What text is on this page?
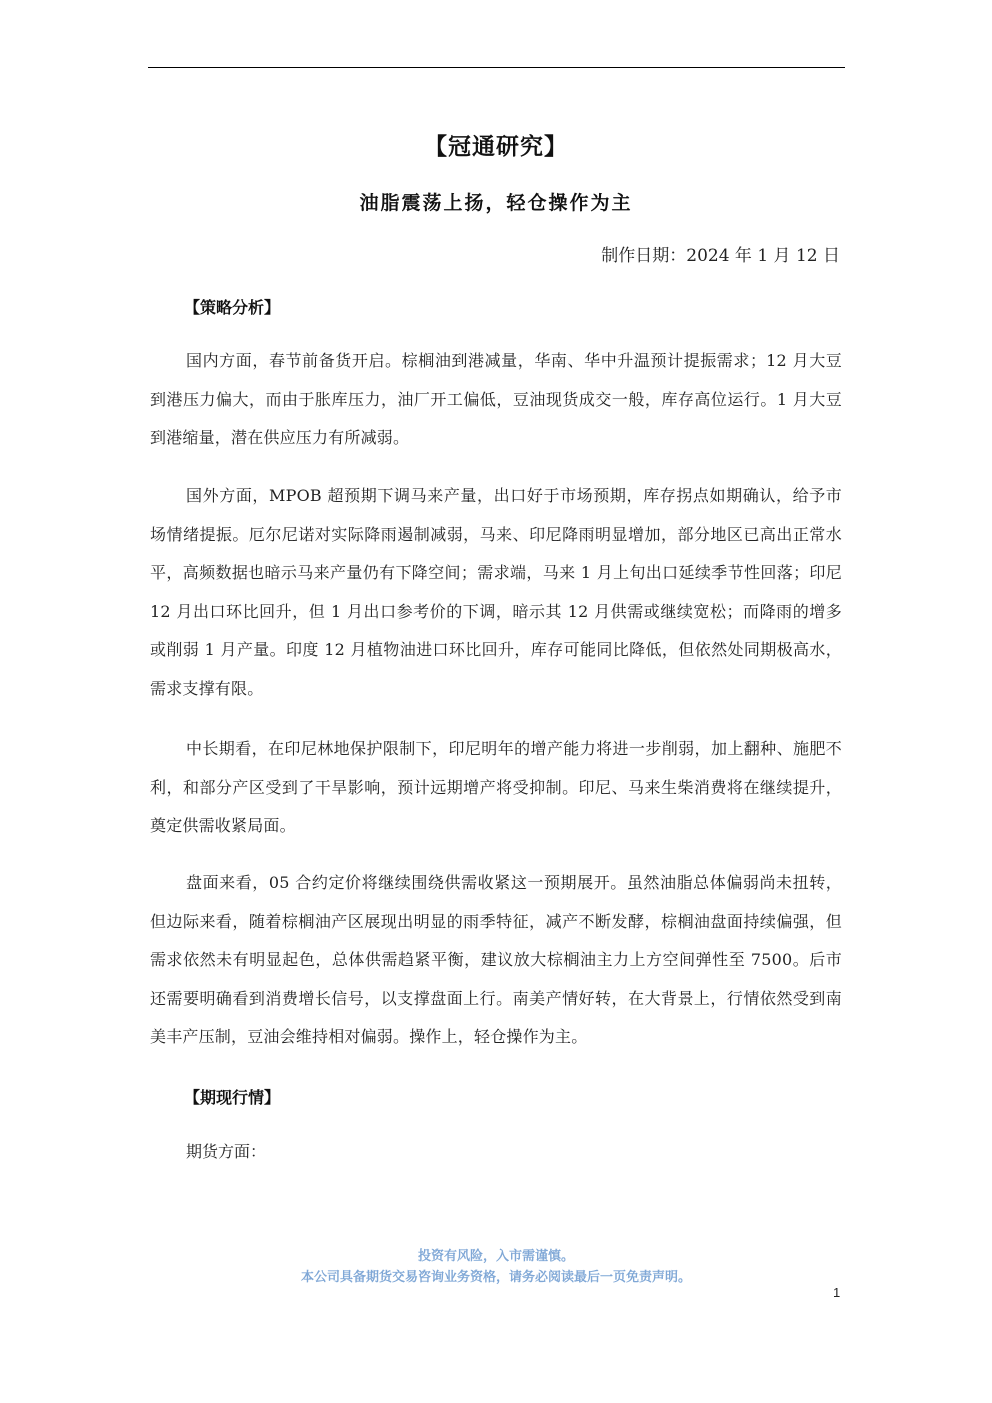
【冠通研究】
油脂震荡上扬，轻仓操作为主
制作日期：2024 年 1 月 12 日
【策略分析】
国内方面，春节前备货开启。棕榈油到港减量，华南、华中升温预计提振需求；12 月大豆到港压力偏大，而由于胀库压力，油厂开工偏低，豆油现货成交一般，库存高位运行。1 月大豆到港缩量，潜在供应压力有所减弱。
国外方面，MPOB 超预期下调马来产量，出口好于市场预期，库存拐点如期确认，给予市场情绪提振。厄尔尼诺对实际降雨遏制减弱，马来、印尼降雨明显增加，部分地区已高出正常水平，高频数据也暗示马来产量仍有下降空间；需求端，马来 1 月上旬出口延续季节性回落；印尼 12 月出口环比回升，但 1 月出口参考价的下调，暗示其 12 月供需或继续宽松；而降雨的增多或削弱 1 月产量。印度 12 月植物油进口环比回升，库存可能同比降低，但依然处同期极高水，需求支撑有限。
中长期看，在印尼林地保护限制下，印尼明年的增产能力将进一步削弱，加上翻种、施肥不利，和部分产区受到了干旱影响，预计远期增产将受抑制。印尼、马来生柴消费将在继续提升，奠定供需收紧局面。
盘面来看，05 合约定价将继续围绕供需收紧这一预期展开。虽然油脂总体偏弱尚未扭转，但边际来看，随着棕榈油产区展现出明显的雨季特征，减产不断发酵，棕榈油盘面持续偏强，但需求依然未有明显起色，总体供需趋紧平衡，建议放大棕榈油主力上方空间弹性至 7500。后市还需要明确看到消费增长信号，以支撑盘面上行。南美产情好转，在大背景上，行情依然受到南美丰产压制，豆油会维持相对偏弱。操作上，轻仓操作为主。
【期现行情】
期货方面：
投资有风险，入市需谨慎。
本公司具备期货交易咨询业务资格，请务必阅读最后一页免责声明。
1
